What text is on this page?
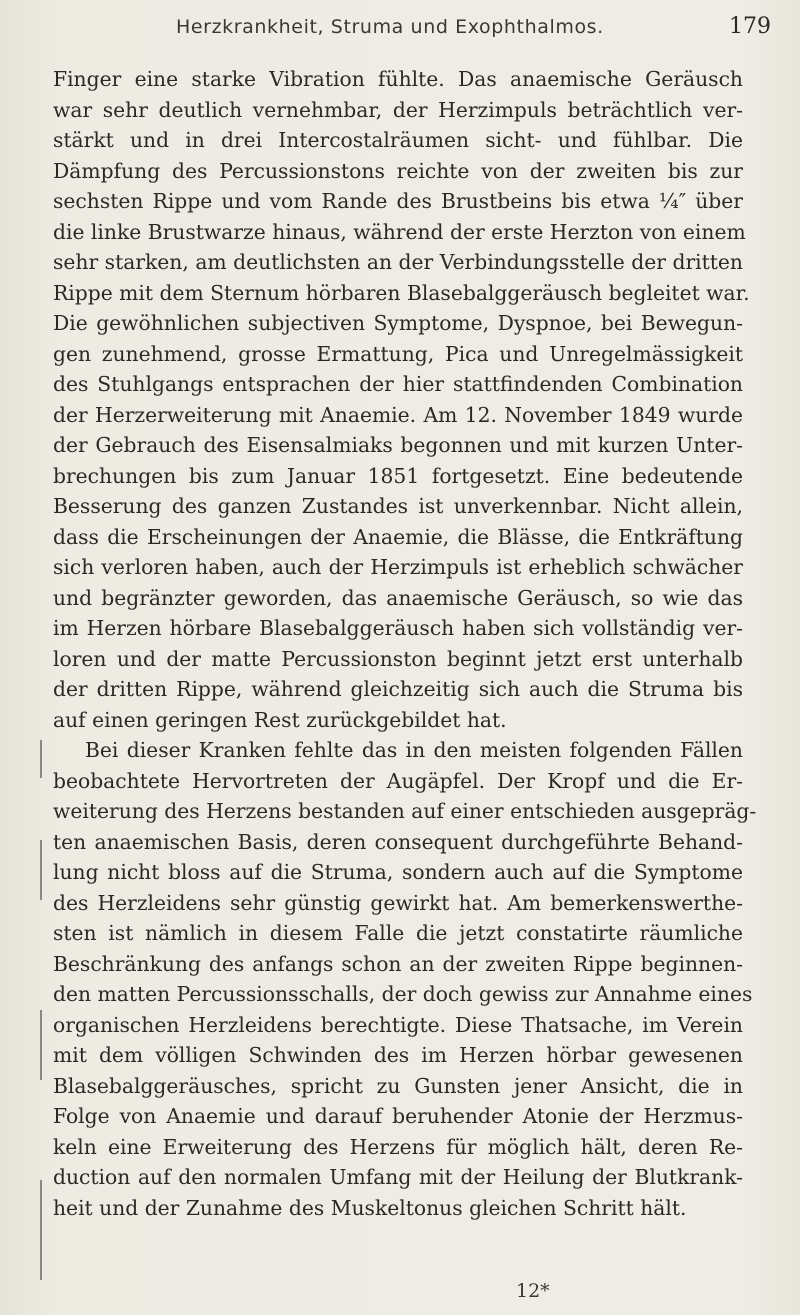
Herzkrankheit, Struma und Exophthalmos.	179
Finger eine starke Vibration fühlte. Das anaemische Geräusch
war sehr deutlich vernehmbar, der Herzimpuls beträchtlich ver-
stärkt und in drei Intercostalräumen sicht- und fühlbar. Die
Dämpfung des Percussionstons reichte von der zweiten bis zur
sechsten Rippe und vom Rande des Brustbeins bis etwa ¼″ über
die linke Brustwarze hinaus, während der erste Herzton von einem
sehr starken, am deutlichsten an der Verbindungsstelle der dritten
Rippe mit dem Sternum hörbaren Blasebalggeräusch begleitet war.
Die gewöhnlichen subjectiven Symptome, Dyspnoe, bei Bewegun-
gen zunehmend, grosse Ermattung, Pica und Unregelmässigkeit
des Stuhlgangs entsprachen der hier stattfindenden Combination
der Herzerweiterung mit Anaemie. Am 12. November 1849 wurde
der Gebrauch des Eisensalmiaks begonnen und mit kurzen Unter-
brechungen bis zum Januar 1851 fortgesetzt. Eine bedeutende
Besserung des ganzen Zustandes ist unverkennbar. Nicht allein,
dass die Erscheinungen der Anaemie, die Blässe, die Entkräftung
sich verloren haben, auch der Herzimpuls ist erheblich schwächer
und begränzter geworden, das anaemische Geräusch, so wie das
im Herzen hörbare Blasebalggeräusch haben sich vollständig ver-
loren und der matte Percussionston beginnt jetzt erst unterhalb
der dritten Rippe, während gleichzeitig sich auch die Struma bis
auf einen geringen Rest zurückgebildet hat.
Bei dieser Kranken fehlte das in den meisten folgenden Fällen
beobachtete Hervortreten der Augäpfel. Der Kropf und die Er-
weiterung des Herzens bestanden auf einer entschieden ausgepräg-
ten anaemischen Basis, deren consequent durchgeführte Behand-
lung nicht bloss auf die Struma, sondern auch auf die Symptome
des Herzleidens sehr günstig gewirkt hat. Am bemerkenswerthe-
sten ist nämlich in diesem Falle die jetzt constatirte räumliche
Beschränkung des anfangs schon an der zweiten Rippe beginnen-
den matten Percussionsschalls, der doch gewiss zur Annahme eines
organischen Herzleidens berechtigte. Diese Thatsache, im Verein
mit dem völligen Schwinden des im Herzen hörbar gewesenen
Blasebalggeräusches, spricht zu Gunsten jener Ansicht, die in
Folge von Anaemie und darauf beruhender Atonie der Herzmus-
keln eine Erweiterung des Herzens für möglich hält, deren Re-
duction auf den normalen Umfang mit der Heilung der Blutkrank-
heit und der Zunahme des Muskeltonus gleichen Schritt hält.
12*
